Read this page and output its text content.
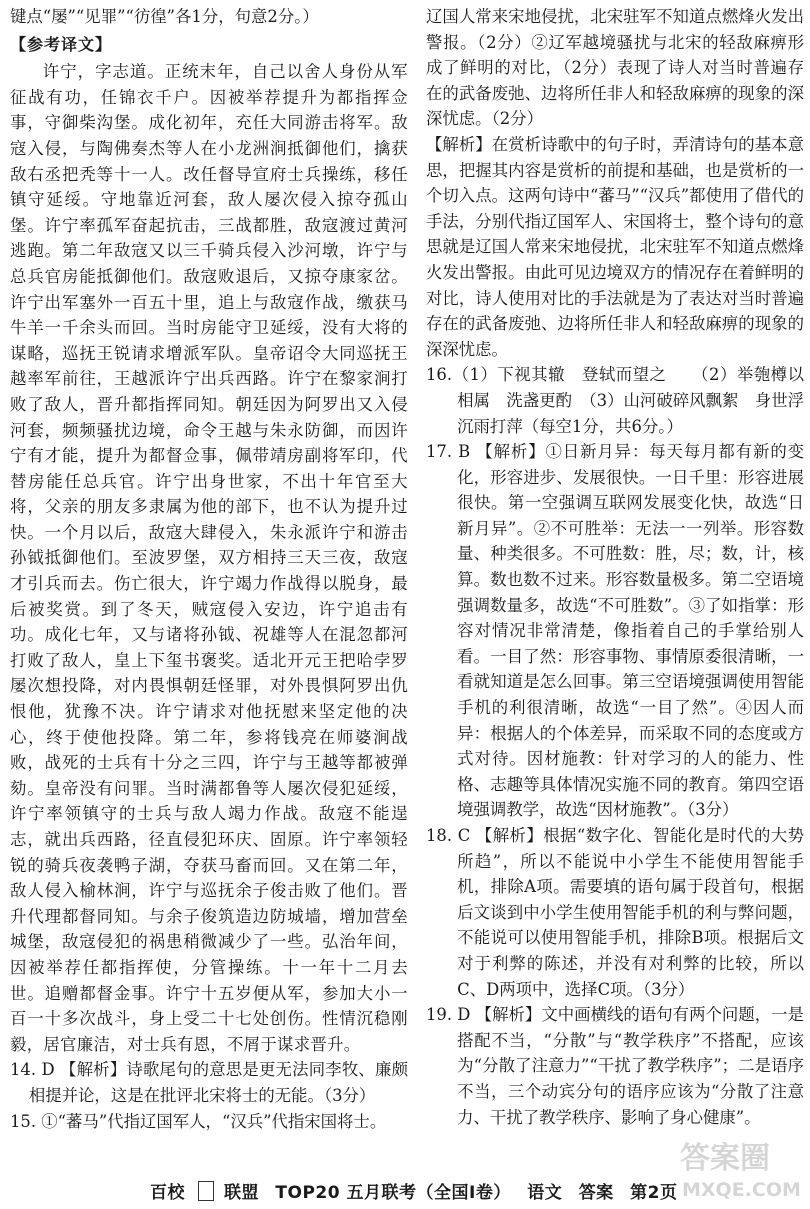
键点“屡”“见罪”“彷徨”各1分，句意2分。）

【参考译文】

许宁，字志道。正统末年，自己以舍人身份从军征战有功，任锦衣千户。因被举荐提升为都指挥佥事，守御柴沟堡。成化初年，充任大同游击将军。敌寇入侵，与陶佛奏杰等人在小龙洲涧抵御他们，擒获敌右丞把秃等十一人。改任督导宣府士兵操练，移任镇守延绥。守地靠近河套，敌人屡次侵入掠夺孤山堡。许宁率孤军奋起抗击，三战都胜，敌寇渡过黄河逃跑。第二年敌寇又以三千骑兵侵入沙河墩，许宁与总兵官房能抵御他们。敌寇败退后，又掠夺康家岔。许宁出军塞外一百五十里，追上与敌寇作战，缴获马牛羊一千余头而回。当时房能守卫延绥，没有大将的谋略，巡抚王锐请求增派军队。皇帝诏令大同巡抚王越率军前往，王越派许宁出兵西路。许宁在黎家涧打败了敌人，晋升都指挥同知。朝廷因为阿罗出又入侵河套，频频骚扰边境，命令王越与朱永防御，而因许宁有才能，提升为都督佥事，佩带靖房副将军印，代替房能任总兵官。许宁出身世家，不出十年官至大将，父亲的朋友多隶属为他的部下，也不认为提升过快。一个月以后，敌寇大肆侵入，朱永派许宁和游击孙钺抵御他们。至波罗堡，双方相持三天三夜，敌寇才引兵而去。伤亡很大，许宁竭力作战得以脱身，最后被奖赏。到了冬天，贼寇侵入安边，许宁追击有功。成化七年，又与诸将孙钺、祝雄等人在混忽都河打败了敌人，皇上下玺书褒奖。适北开元王把哈孛罗屡次想投降，对内畏惧朝廷怪罪，对外畏惧阿罗出仇恨他，犹豫不决。许宁请求对他抚慰来坚定他的决心，终于使他投降。第二年，参将钱亮在师婆涧战败，战死的士兵有十分之三四，许宁与王越等都被弹劾。皇帝没有问罪。当时满都鲁等人屡次侵犯延绥，许宁率领镇守的士兵与敌人竭力作战。敌寇不能逞志，就出兵西路，径直侵犯环庆、固原。许宁率领轻锐的骑兵夜袭鸭子湖，夺获马畜而回。又在第二年，敌人侵入榆林涧，许宁与巡抚余子俊击败了他们。晋升代理都督同知。与余子俊筑造边防城墙，增加营垒城堡，敌寇侵犯的祸患稍微减少了一些。弘治年间，因被举荐任都指挥使，分管操练。十一年十二月去世。追赠都督金事。许宁十五岁便从军，参加大小一百一十多次战斗，身上受二十七处创伤。性情沉稳刚毅，居官廉洁，对士兵有恩，不屑于谋求晋升。

14. D 【解析】诗歌尾句的意思是更无法同李牧、廉颇相提并论，这是在批评北宋将士的无能。（3分）

15. ①“蕃马”代指辽国军人，“汉兵”代指宋国将士。

辽国人常来宋地侵扰，北宋驻军不知道点燃烽火发出警报。（2分）②辽军越境骚扰与北宋的轻敌麻痹形成了鲜明的对比，（2分）表现了诗人对当时普遍存在的武备废弛、边将所任非人和轻敌麻痹的现象的深深忧虑。（2分）

【解析】在赏析诗歌中的句子时，弄清诗句的基本意思，把握其内容是赏析的前提和基础，也是赏析的一个切入点。这两句诗中“蕃马”“汉兵”都使用了借代的手法，分别代指辽国军人、宋国将士，整个诗句的意思就是辽国人常来宋地侵扰，北宋驻军不知道点燃烽火发出警报。由此可见边境双方的情况存在着鲜明的对比，诗人使用对比的手法就是为了表达对当时普遍存在的武备废弛、边将所任非人和轻敌麻痹的现象的深深忧虑。

16.（1）下视其辙　登轼而望之　　（2）举匏樽以相属　洗盏更酌　（3）山河破碎风飘絮　身世浮沉雨打萍（每空1分，共6分。）

17. B 【解析】①日新月异：每天每月都有新的变化，形容进步、发展很快。一日千里：形容进展很快。第一空强调互联网发展变化快，故选“日新月异”。②不可胜举：无法一一列举。形容数量、种类很多。不可胜数：胜，尽；数，计，核算。数也数不过来。形容数量极多。第二空语境强调数量多，故选“不可胜数”。③了如指掌：形容对情况非常清楚，像指着自己的手掌给别人看。一目了然：形容事物、事情原委很清晰，一看就知道是怎么回事。第三空语境强调使用智能手机的利很清晰，故选“一目了然”。④因人而异：根据人的个体差异，而采取不同的态度或方式对待。因材施教：针对学习的人的能力、性格、志趣等具体情况实施不同的教育。第四空语境强调教学，故选“因材施教”。（3分）

18. C 【解析】根据“数字化、智能化是时代的大势所趋”，所以不能说中小学生不能使用智能手机，排除A项。需要填的语句属于段首句，根据后文谈到中小学生使用智能手机的利与弊问题，不能说可以使用智能手机，排除B项。根据后文对于利弊的陈述，并没有对利弊的比较，所以C、D两项中，选择C项。（3分）

19. D 【解析】文中画横线的语句有两个问题，一是搭配不当，“分散”与“教学秩序”不搭配，应该为“分散了注意力”“干扰了教学秩序”；二是语序不当，三个动宾分句的语序应该为“分散了注意力、干扰了教学秩序、影响了身心健康”。

百校 联盟 TOP20 五月联考（全国Ⅰ卷） 语文 答案 第2页
答案圈
MXQE.COM
